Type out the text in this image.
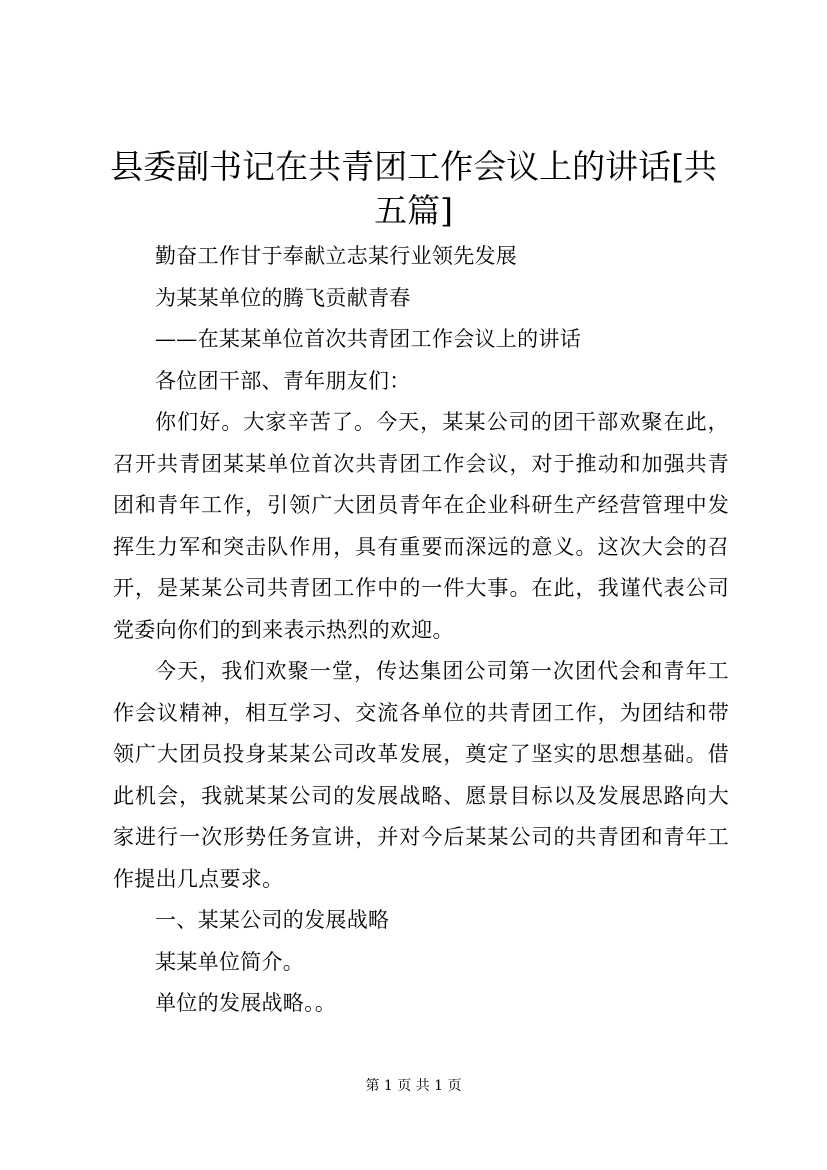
县委副书记在共青团工作会议上的讲话[共五篇]

勤奋工作甘于奉献立志某行业领先发展

为某某单位的腾飞贡献青春

——在某某单位首次共青团工作会议上的讲话

各位团干部、青年朋友们：

你们好。大家辛苦了。今天，某某公司的团干部欢聚在此，召开共青团某某单位首次共青团工作会议，对于推动和加强共青团和青年工作，引领广大团员青年在企业科研生产经营管理中发挥生力军和突击队作用，具有重要而深远的意义。这次大会的召开，是某某公司共青团工作中的一件大事。在此，我谨代表公司党委向你们的到来表示热烈的欢迎。

今天，我们欢聚一堂，传达集团公司第一次团代会和青年工作会议精神，相互学习、交流各单位的共青团工作，为团结和带领广大团员投身某某公司改革发展，奠定了坚实的思想基础。借此机会，我就某某公司的发展战略、愿景目标以及发展思路向大家进行一次形势任务宣讲，并对今后某某公司的共青团和青年工作提出几点要求。

一、某某公司的发展战略

某某单位简介。

单位的发展战略。。

第 1 页 共 1 页
